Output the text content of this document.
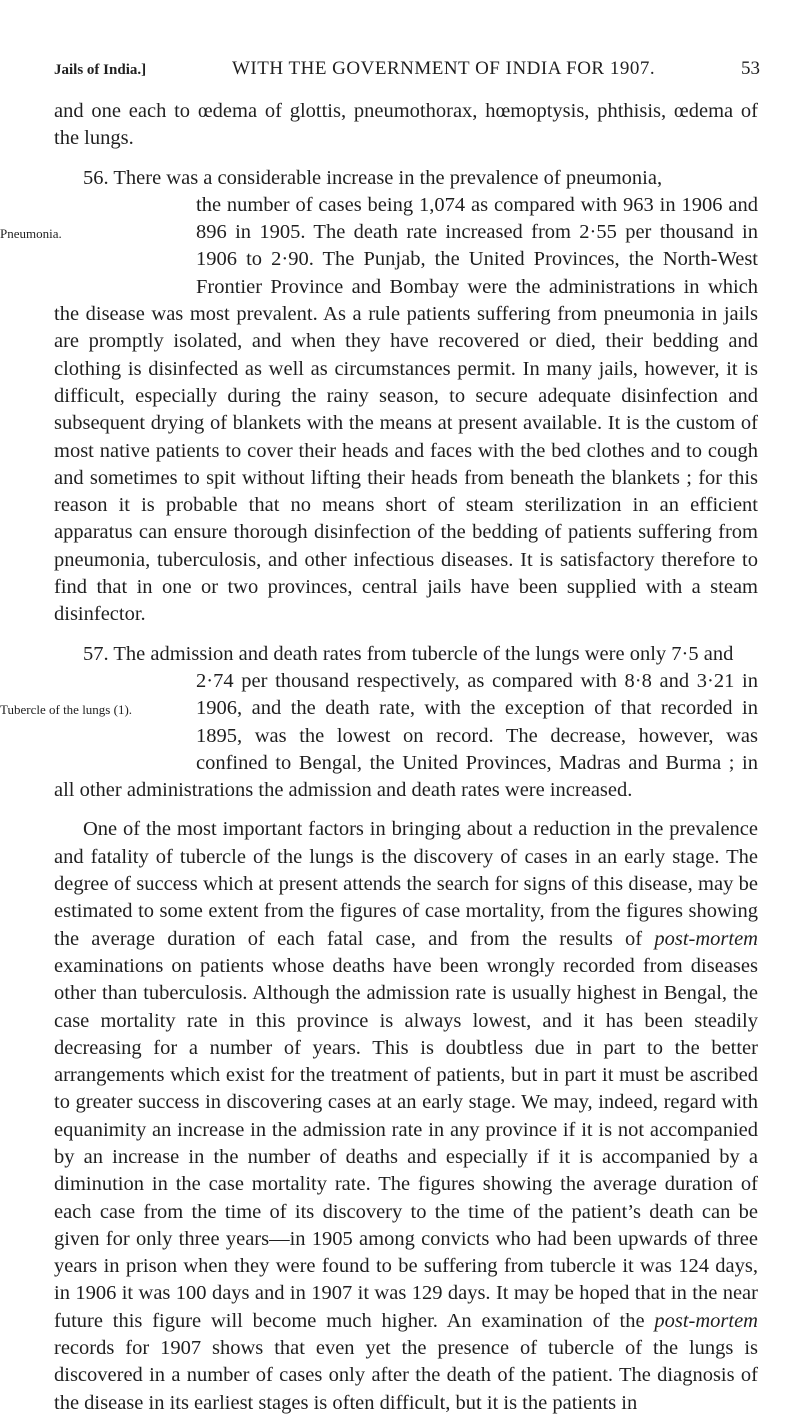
Jails of India.]	WITH THE GOVERNMENT OF INDIA FOR 1907.	53

and one each to œdema of glottis, pneumothorax, hœmoptysis, phthisis, œdema of the lungs.

56. There was a considerable increase in the prevalence of pneumonia,
Pneumonia.
the number of cases being 1,074 as compared with 963 in 1906 and 896 in 1905. The death rate increased from 2·55 per thousand in 1906 to 2·90. The Punjab, the United Provinces, the North-West Frontier Province and Bombay were the administrations in which the disease was most prevalent. As a rule patients suffering from pneumonia in jails are promptly isolated, and when they have recovered or died, their bedding and clothing is disinfected as well as circumstances permit. In many jails, however, it is difficult, especially during the rainy season, to secure adequate disinfection and subsequent drying of blankets with the means at present available. It is the custom of most native patients to cover their heads and faces with the bed clothes and to cough and sometimes to spit without lifting their heads from beneath the blankets ; for this reason it is probable that no means short of steam sterilization in an efficient apparatus can ensure thorough disinfection of the bedding of patients suffering from pneumonia, tuberculosis, and other infectious diseases. It is satisfactory therefore to find that in one or two provinces, central jails have been supplied with a steam disinfector.
57. The admission and death rates from tubercle of the lungs were only 7·5 and
Tubercle of the lungs (1).
2·74 per thousand respectively, as compared with 8·8 and 3·21 in 1906, and the death rate, with the exception of that recorded in 1895, was the lowest on record. The decrease, however, was confined to Bengal, the United Provinces, Madras and Burma ; in all other administrations the admission and death rates were increased.

One of the most important factors in bringing about a reduction in the prevalence and fatality of tubercle of the lungs is the discovery of cases in an early stage. The degree of success which at present attends the search for signs of this disease, may be estimated to some extent from the figures of case mortality, from the figures showing the average duration of each fatal case, and from the results of post-mortem examinations on patients whose deaths have been wrongly recorded from diseases other than tuberculosis. Although the admission rate is usually highest in Bengal, the case mortality rate in this province is always lowest, and it has been steadily decreasing for a number of years. This is doubtless due in part to the better arrangements which exist for the treatment of patients, but in part it must be ascribed to greater success in discovering cases at an early stage. We may, indeed, regard with equanimity an increase in the admission rate in any province if it is not accompanied by an increase in the number of deaths and especially if it is accompanied by a diminution in the case mortality rate. The figures showing the average duration of each case from the time of its discovery to the time of the patient’s death can be given for only three years—in 1905 among convicts who had been upwards of three years in prison when they were found to be suffering from tubercle it was 124 days, in 1906 it was 100 days and in 1907 it was 129 days. It may be hoped that in the near future this figure will become much higher. An examination of the post-mortem records for 1907 shows that even yet the presence of tubercle of the lungs is discovered in a number of cases only after the death of the patient. The diagnosis of the disease in its earliest stages is often difficult, but it is the patients in
